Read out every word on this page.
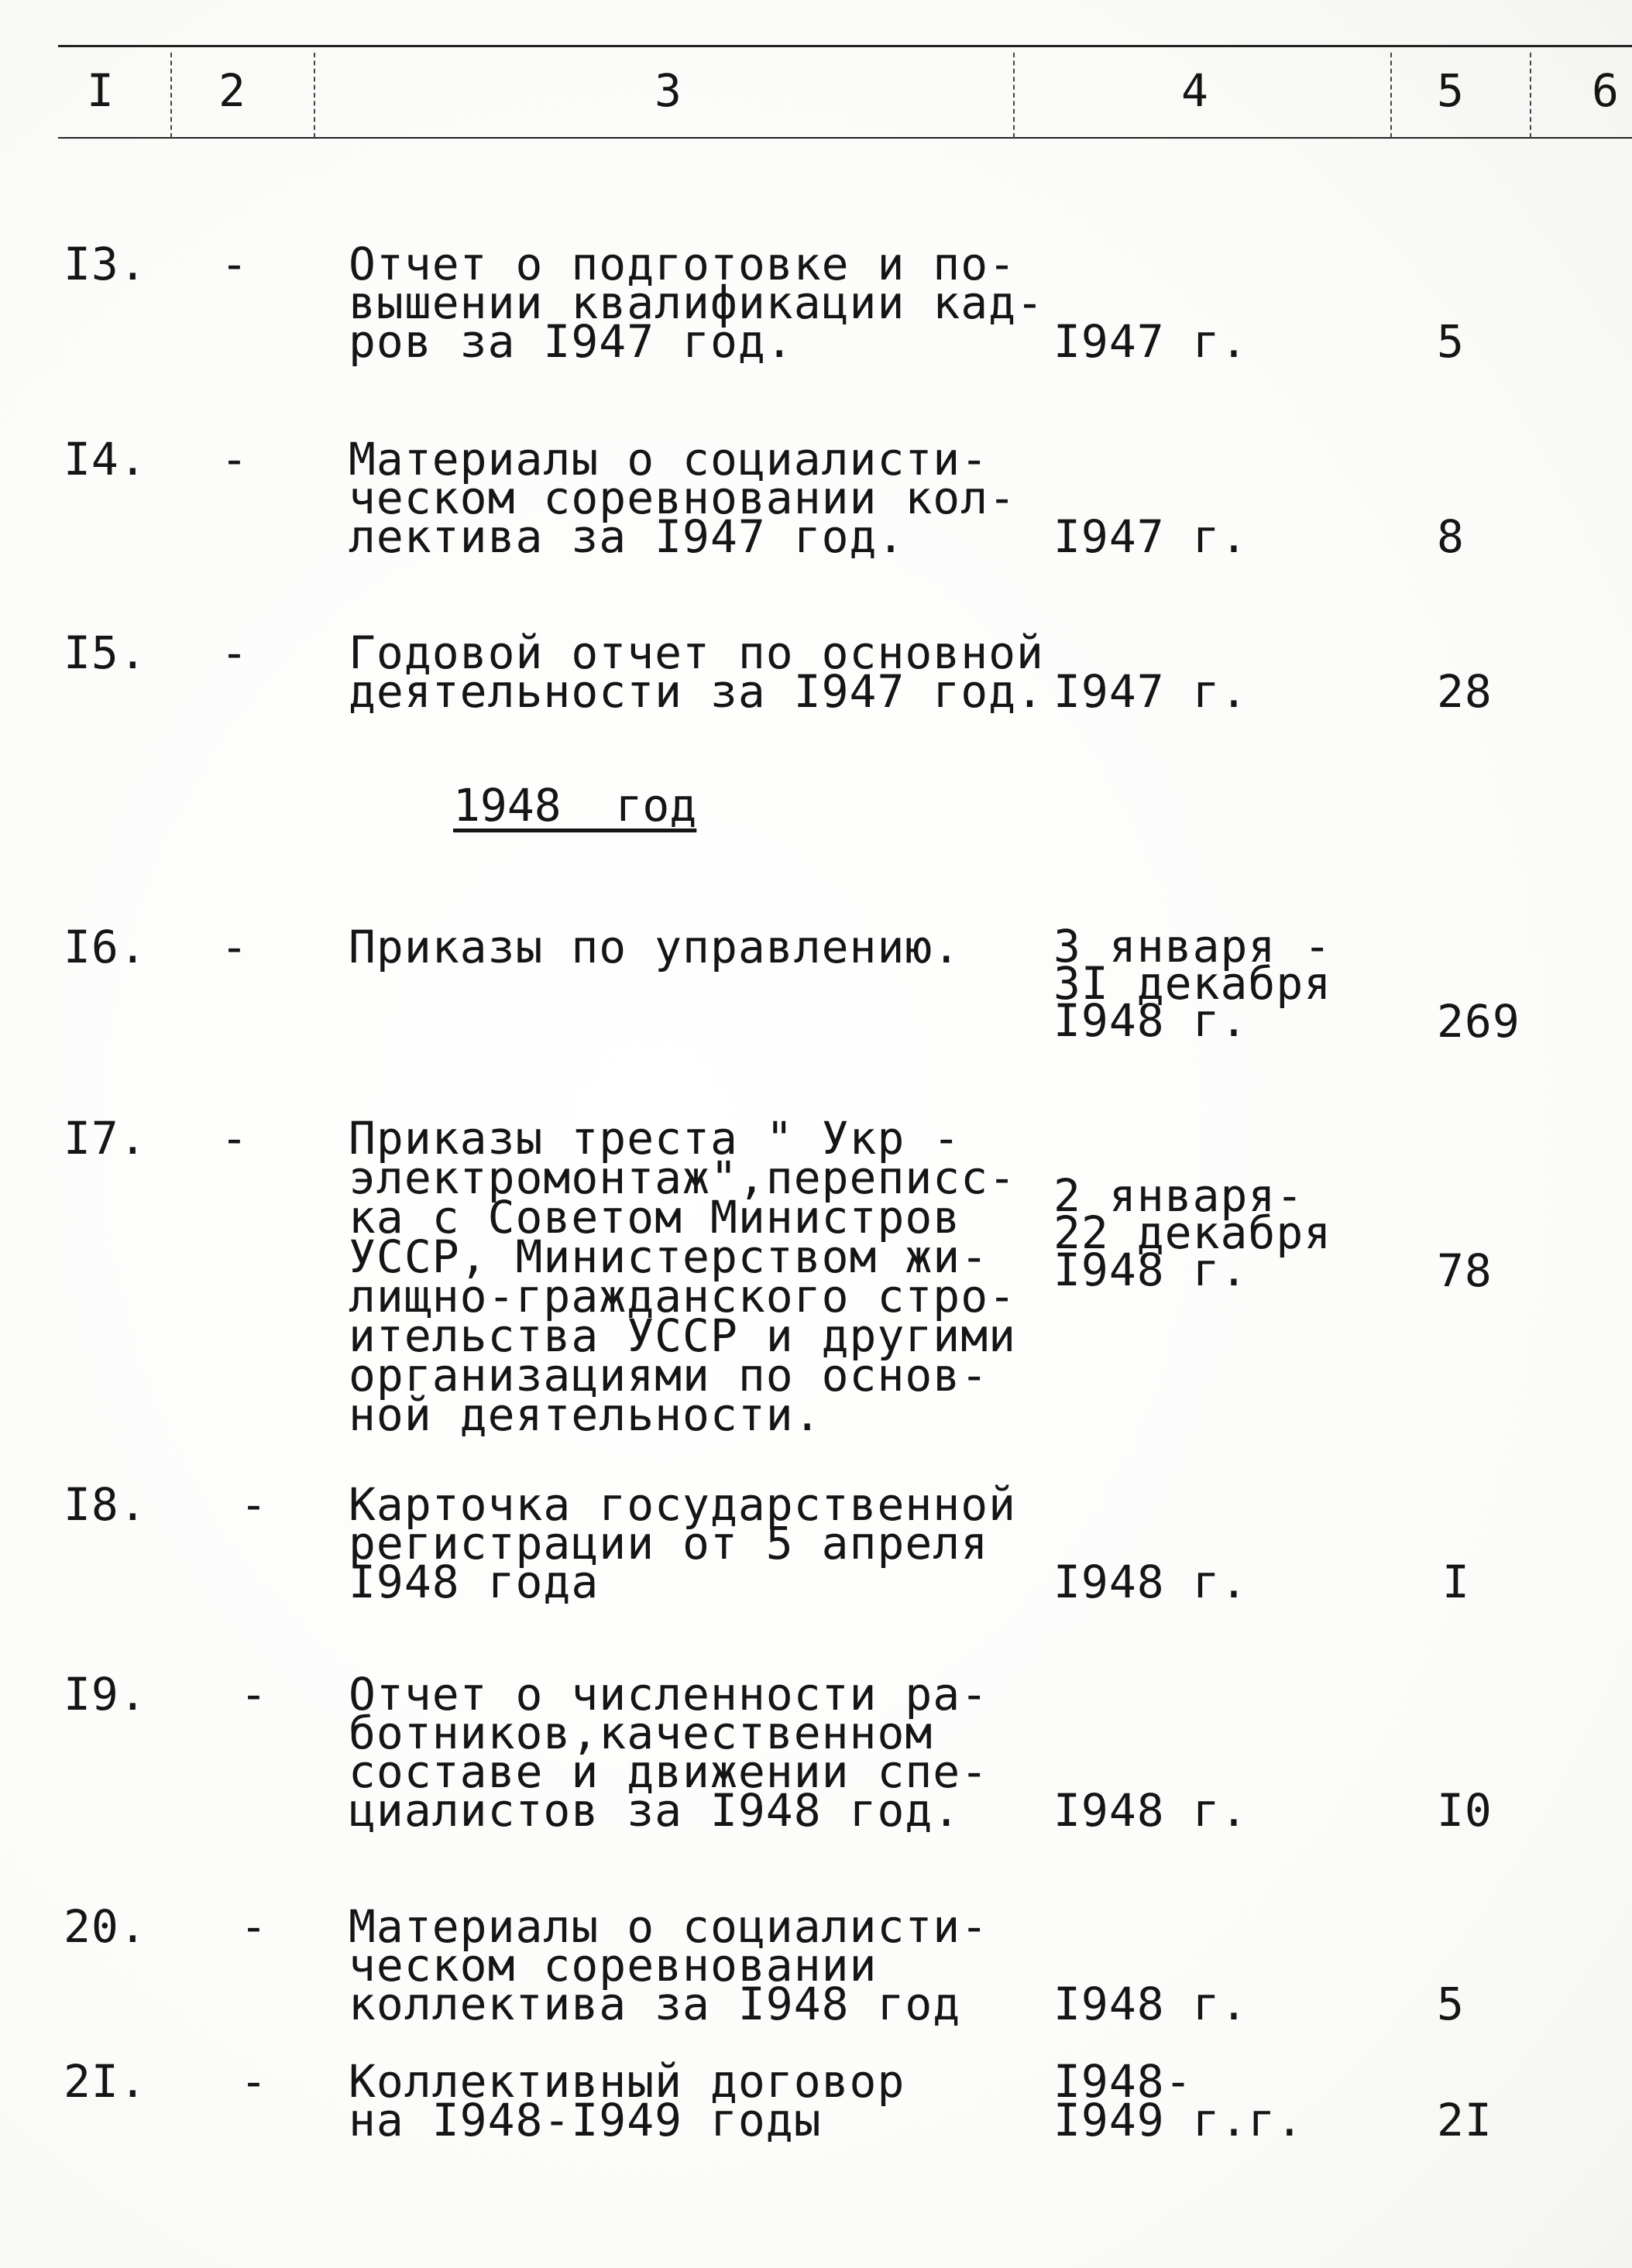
I 2	3	4	5	6
I3. - Отчет о подготовке и по-
вышении квалификации кад-
ров за I947 год.	I947 г.	5
I4. - Материалы о социалисти-
ческом соревновании кол-
лектива за I947 год.	I947 г.	8
I5. - Годовой отчет по основной
деятельности за I947 год. I947 г.	28
1948  год
I6. - Приказы по управлению. 3 января -
3I декабря
I948 г.	269
I7. - Приказы треста " Укр -
электромонтаж",переписс-
ка с Советом Министров
УССР, Министерством жи-
лищно-гражданского стро-
ительства УССР и другими
организациями по основ-
ной деятельности.
2 января-
22 декабря
I948 г.	78
I8. - Карточка государственной
регистрации от 5 апреля
I948 года	I948 г.	I
I9. - Отчет о численности ра-
ботников,качественном
составе и движении спе-
циалистов за I948 год.	I948 г.	I0
20. - Материалы о социалисти-
ческом соревновании
коллектива за I948 год	I948 г.	5
2I. - Коллективный договор
на I948-I949 годы
I948-
I949 г.г.	2I
